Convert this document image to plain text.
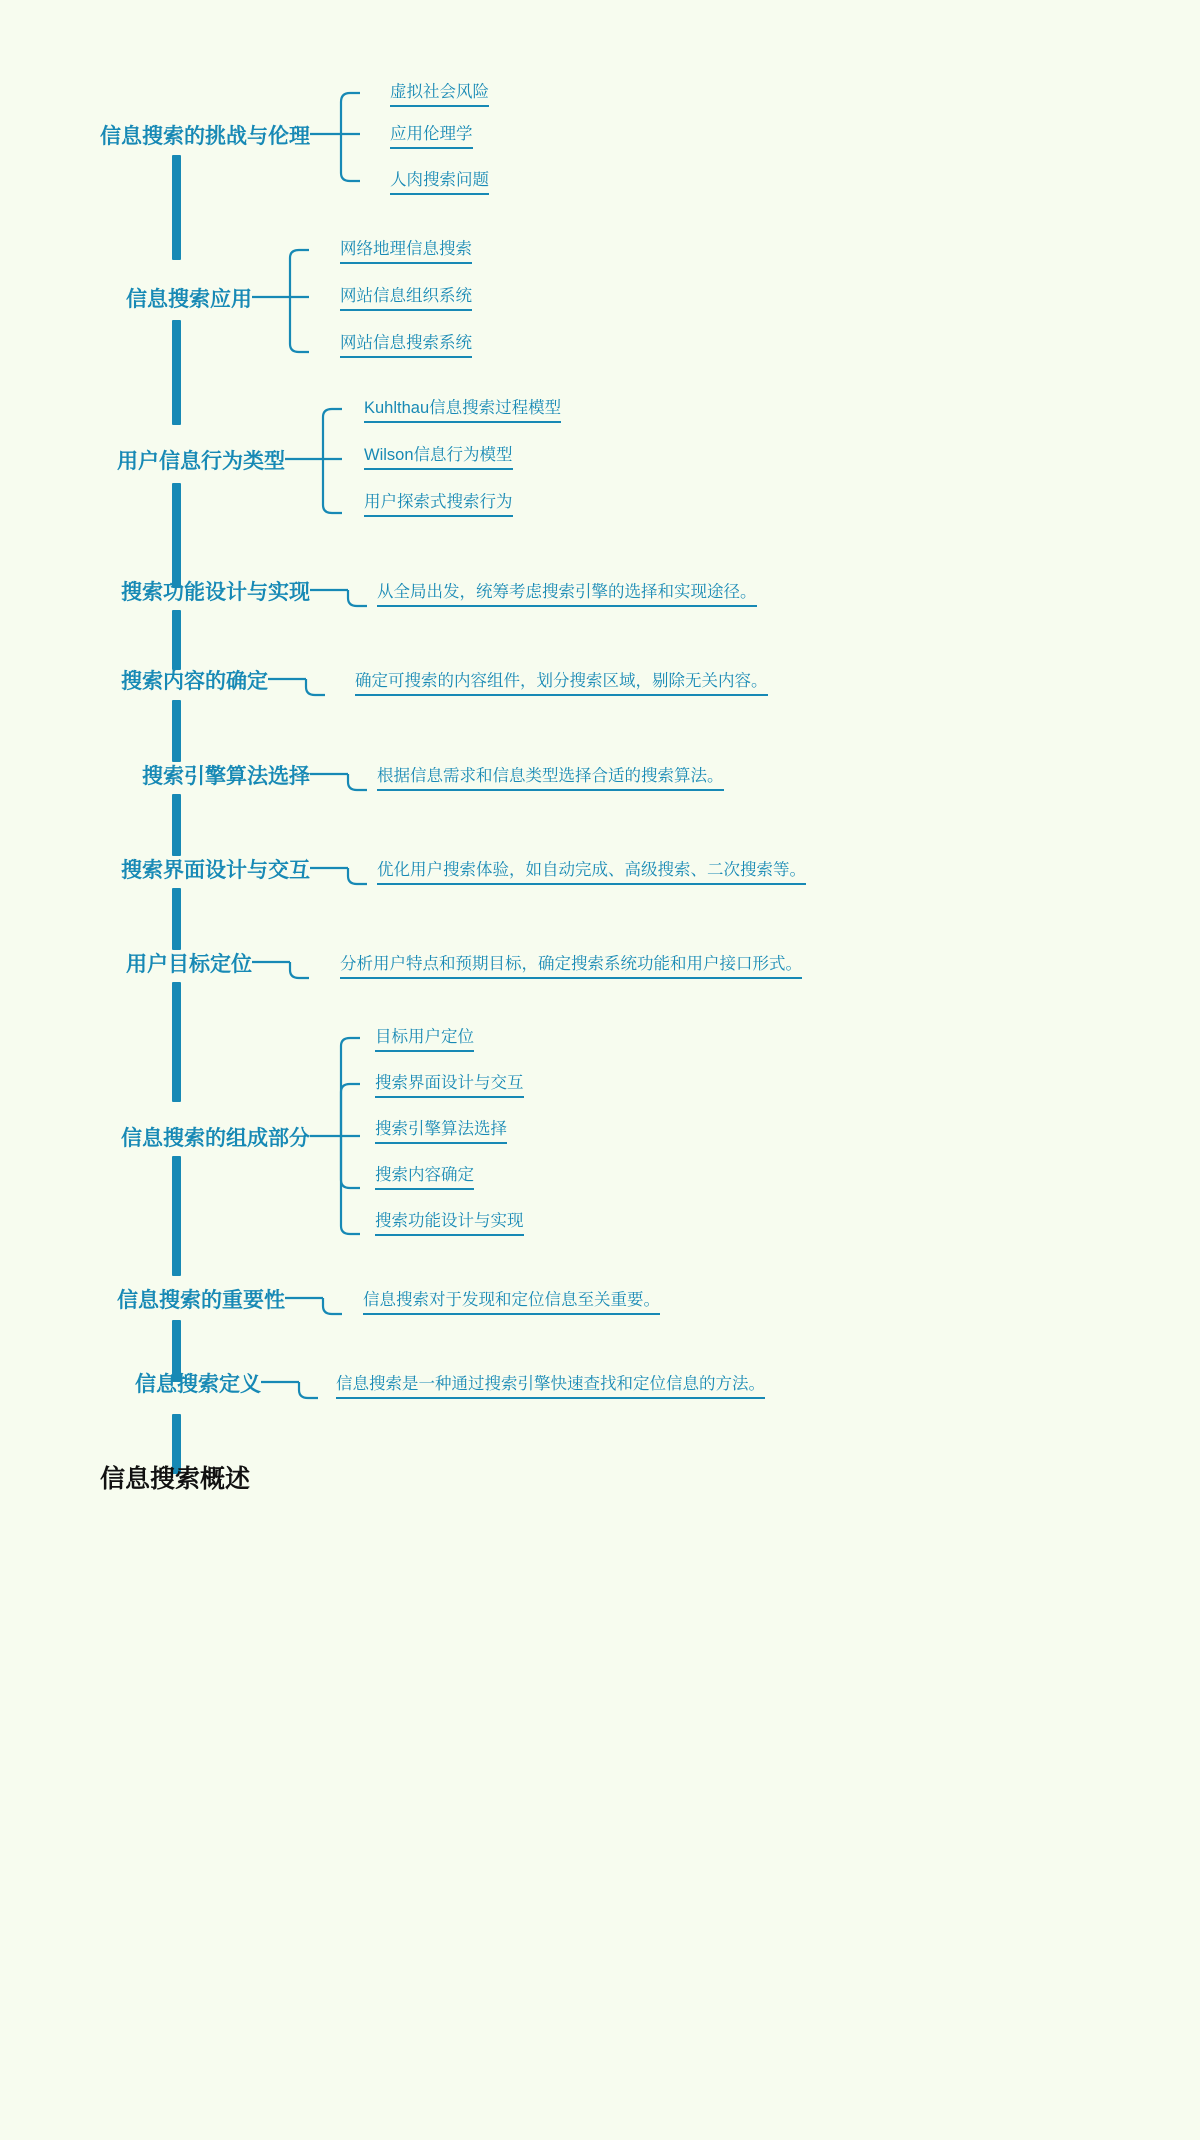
信息搜索的挑战与伦理
虚拟社会风险
应用伦理学
人肉搜索问题
信息搜索应用
网络地理信息搜索
网站信息组织系统
网站信息搜索系统
用户信息行为类型
Kuhlthau信息搜索过程模型
Wilson信息行为模型
用户探索式搜索行为
搜索功能设计与实现	从全局出发，统筹考虑搜索引擎的选择和实现途径。
搜索内容的确定	确定可搜索的内容组件，划分搜索区域，剔除无关内容。
搜索引擎算法选择	根据信息需求和信息类型选择合适的搜索算法。
搜索界面设计与交互	优化用户搜索体验，如自动完成、高级搜索、二次搜索等。
用户目标定位	分析用户特点和预期目标，确定搜索系统功能和用户接口形式。
信息搜索的组成部分
目标用户定位
搜索界面设计与交互
搜索引擎算法选择
搜索内容确定
搜索功能设计与实现
信息搜索的重要性	信息搜索对于发现和定位信息至关重要。
信息搜索定义	信息搜索是一种通过搜索引擎快速查找和定位信息的方法。
信息搜索概述
